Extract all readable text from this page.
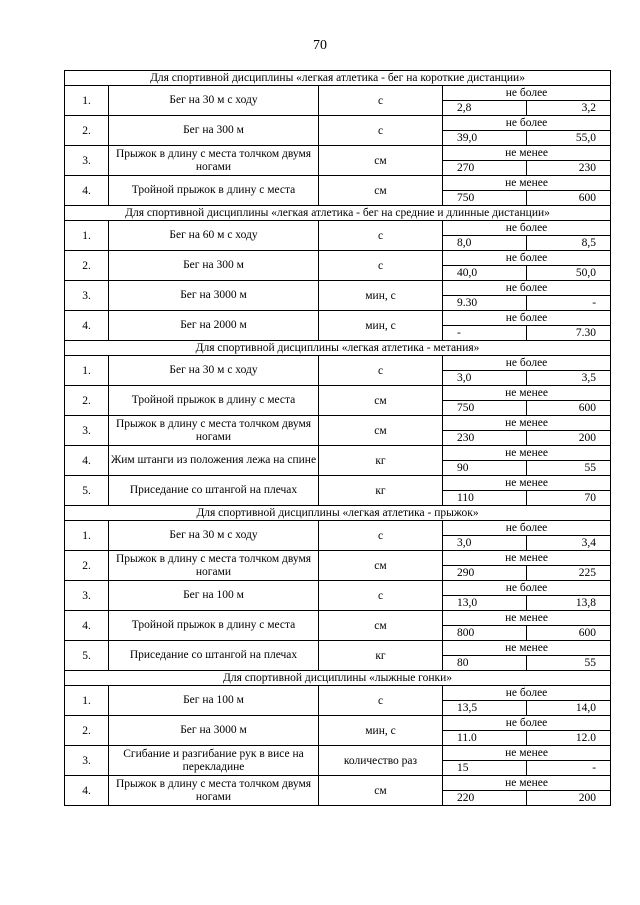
70
Для спортивной дисциплины «легкая атлетика - бег на короткие дистанции»			
1.	Бег на 30 м с ходу	с	не более
2,8 3,2

2.	Бег на 300 м	с	не более
39,0 55,0

3.	Прыжок в длину с места толчком двумя ногами	см	не менее
270 230

4.	Тройной прыжок в длину с места	см	не менее
750 600

Для спортивной дисциплины «легкая атлетика - бег на средние и длинные дистанции»			
1.	Бег на 60 м с ходу	с	не более
8,0 8,5

2.	Бег на 300 м	с	не более
40,0 50,0

3.	Бег на 3000 м	мин, с	не более
9.30 -

4.	Бег на 2000 м	мин, с	не более
- 7.30

Для спортивной дисциплины «легкая атлетика - метания»			
1.	Бег на 30 м с ходу	с	не более
3,0 3,5

2.	Тройной прыжок в длину с места	см	не менее
750 600

3.	Прыжок в длину с места толчком двумя ногами	см	не менее
230 200

4.	Жим штанги из положения лежа на спине	кг	не менее
90 55

5.	Приседание со штангой на плечах	кг	не менее
110 70

Для спортивной дисциплины «легкая атлетика - прыжок»			
1.	Бег на 30 м с ходу	с	не более
3,0 3,4

2.	Прыжок в длину с места толчком двумя ногами	см	не менее
290 225

3.	Бег на 100 м	с	не более
13,0 13,8

4.	Тройной прыжок в длину с места	см	не менее
800 600

5.	Приседание со штангой на плечах	кг	не менее
80 55

Для спортивной дисциплины «лыжные гонки»			
1.	Бег на 100 м	с	не более
13,5 14,0

2.	Бег на 3000 м	мин, с	не более
11.0 12.0

3.	Сгибание и разгибание рук в висе на перекладине	количество раз	не менее
15 -

4.	Прыжок в длину с места толчком двумя ногами	см	не менее
220 200
